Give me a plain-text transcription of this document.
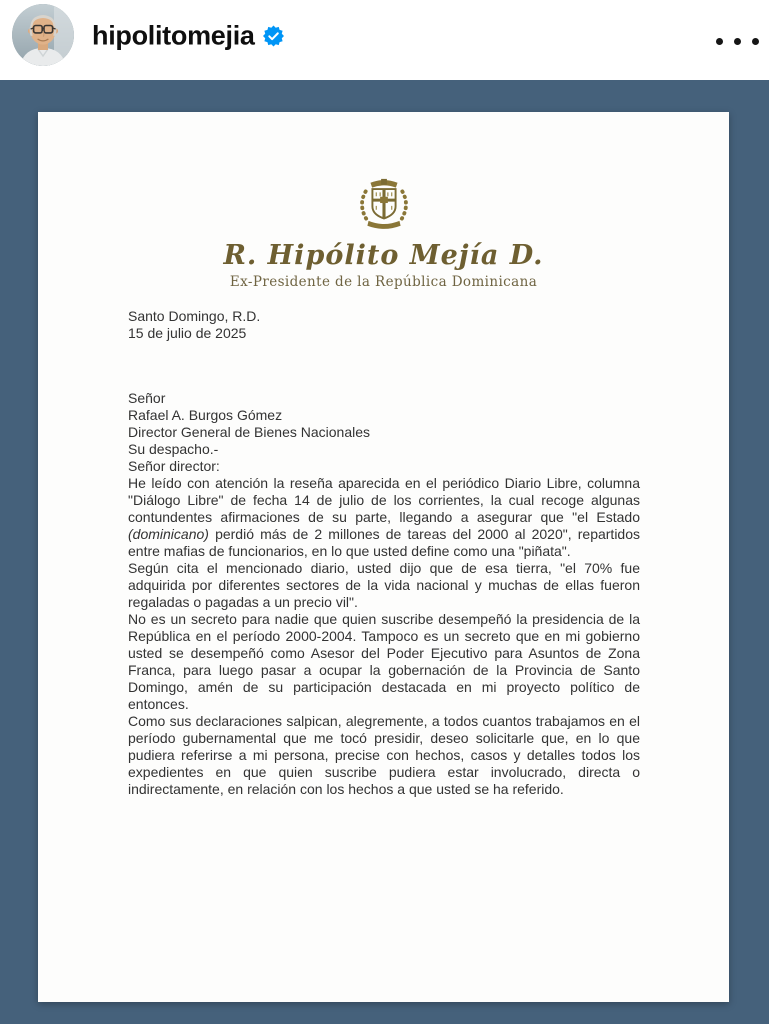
hipolitomejia
R. Hipólito Mejía D.
Ex-Presidente de la República Dominicana

Santo Domingo, R.D.

15 de julio de 2025

Señor

Rafael A. Burgos Gómez

Director General de Bienes Nacionales

Su despacho.-

Señor director:

He leído con atención la reseña aparecida en el periódico Diario Libre, columna "Diálogo Libre" de fecha 14 de julio de los corrientes, la cual recoge algunas contundentes afirmaciones de su parte, llegando a asegurar que "el Estado (dominicano) perdió más de 2 millones de tareas del 2000 al 2020", repartidos entre mafias de funcionarios, en lo que usted define como una "piñata".

Según cita el mencionado diario, usted dijo que de esa tierra, "el 70% fue adquirida por diferentes sectores de la vida nacional y muchas de ellas fueron regaladas o pagadas a un precio vil".

No es un secreto para nadie que quien suscribe desempeñó la presidencia de la República en el período 2000-2004. Tampoco es un secreto que en mi gobierno usted se desempeñó como Asesor del Poder Ejecutivo para Asuntos de Zona Franca, para luego pasar a ocupar la gobernación de la Provincia de Santo Domingo, amén de su participación destacada en mi proyecto político de entonces.

Como sus declaraciones salpican, alegremente, a todos cuantos trabajamos en el período gubernamental que me tocó presidir, deseo solicitarle que, en lo que pudiera referirse a mi persona, precise con hechos, casos y detalles todos los expedientes en que quien suscribe pudiera estar involucrado, directa o indirectamente, en relación con los hechos a que usted se ha referido.
